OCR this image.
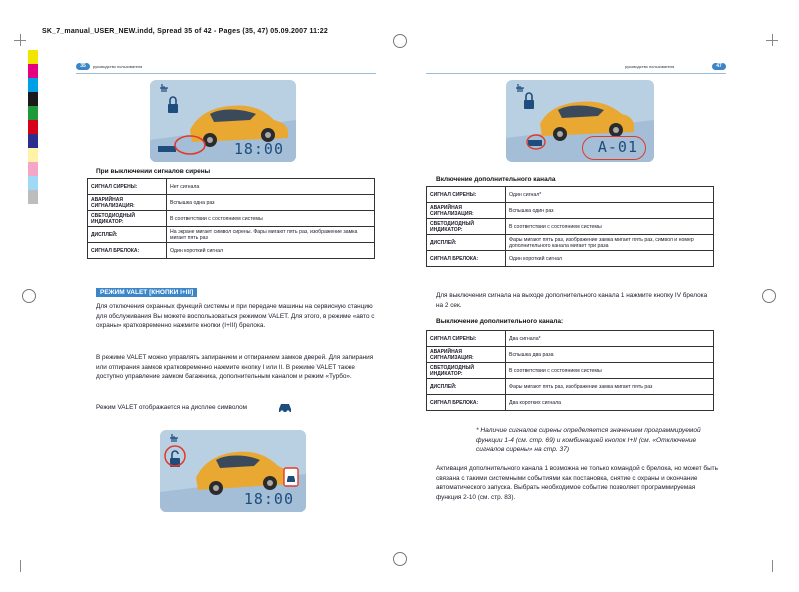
SK_7_manual_USER_NEW.indd, Spread 35 of 42 - Pages (35, 47) 05.09.2007 11:22
35	руководство пользователя
18:00
При выключении сигналов сирены
СИГНАЛ СИРЕНЫ:	Нет сигнала
АВАРИЙНАЯ СИГНАЛИЗАЦИЯ:	Вспышка одна раз
СВЕТОДИОДНЫЙ ИНДИКАТОР:	В соответствии с состоянием системы
ДИСПЛЕЙ:	На экране мигает символ сирены. Фары мигают пять раз, изображение замка мигает пять раз
СИГНАЛ БРЕЛОКА:	Один короткий сигнал
РЕЖИМ VALET [КНОПКИ I+III]
Для отключения охранных функций системы и при передаче машины на сервисную станцию для обслуживания Вы можете воспользоваться режимом VALET. Для этого, в режиме «авто с охраны» кратковременно нажмите кнопки (I+III) брелока.
В режиме VALET можно управлять запиранием и отпиранием замков дверей. Для запирания или отпирания замков кратковременно нажмите кнопку I или II. В режиме VALET также доступно управление замком багажника, дополнительным каналом и режим «Турбо».
Режим VALET отображается на дисплее символом
18:00
руководство пользователя	47
A-01
Включение дополнительного канала
СИГНАЛ СИРЕНЫ:	Один сигнал*
АВАРИЙНАЯ СИГНАЛИЗАЦИЯ:	Вспышка один раз
СВЕТОДИОДНЫЙ ИНДИКАТОР:	В соответствии с состоянием системы
ДИСПЛЕЙ:	Фары мигают пять раз, изображение замка мигает пять раз, символ и номер дополнительного канала мигает три раза
СИГНАЛ БРЕЛОКА:	Один короткий сигнал
Для выключения сигнала на выходе дополнительного канала 1 нажмите кнопку IV брелока на 2 сек.
Выключение дополнительного канала:
СИГНАЛ СИРЕНЫ:	Два сигнала*
АВАРИЙНАЯ СИГНАЛИЗАЦИЯ:	Вспышка два раза
СВЕТОДИОДНЫЙ ИНДИКАТОР:	В соответствии с состоянием системы
ДИСПЛЕЙ:	Фары мигают пять раз, изображение замка мигает пять раз
СИГНАЛ БРЕЛОКА:	Два коротких сигнала
* Наличие сигналов сирены определяется значением программируемой функции 1-4 (см. стр. 69) и комбинацией кнопок I+II (см. «Отключение сигналов сирены» на стр. 37)
Активация дополнительного канала 1 возможна не только командой с брелока, но может быть связана с такими системными событиями как постановка, снятие с охраны и окончание автоматического запуска. Выбрать необходимое событие позволяет программируемая функция 2-10 (см. стр. 83).
